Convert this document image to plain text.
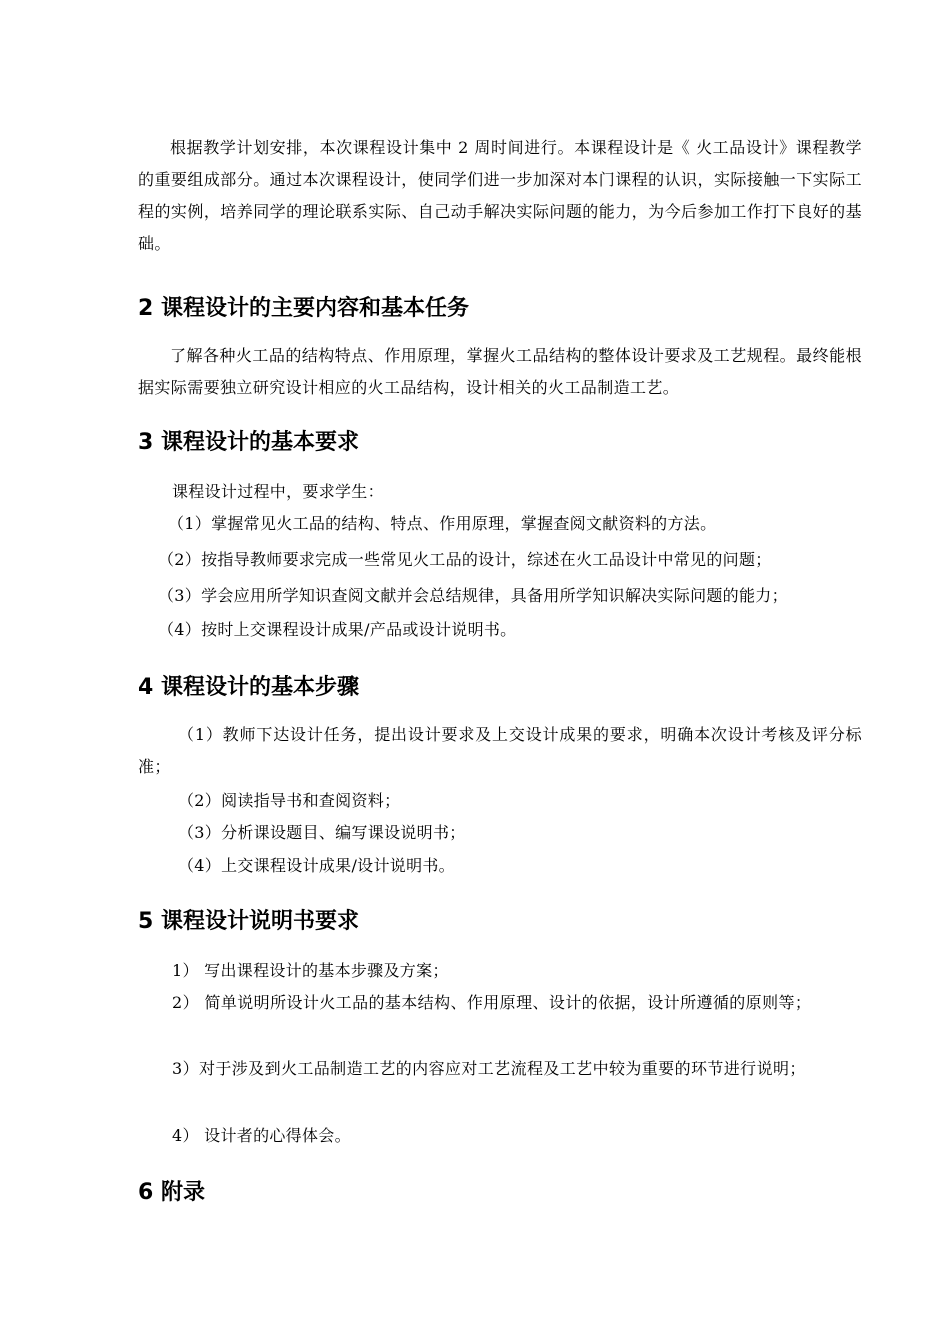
根据教学计划安排，本次课程设计集中 2 周时间进行。本课程设计是《 火工品设计》课程教学的重要组成部分。通过本次课程设计，使同学们进一步加深对本门课程的认识，实际接触一下实际工程的实例，培养同学的理论联系实际、自己动手解决实际问题的能力，为今后参加工作打下良好的基础。
2 课程设计的主要内容和基本任务
了解各种火工品的结构特点、作用原理，掌握火工品结构的整体设计要求及工艺规程。最终能根据实际需要独立研究设计相应的火工品结构，设计相关的火工品制造工艺。
3 课程设计的基本要求
课程设计过程中，要求学生：
（1）掌握常见火工品的结构、特点、作用原理，掌握查阅文献资料的方法。
（2）按指导教师要求完成一些常见火工品的设计，综述在火工品设计中常见的问题；
（3）学会应用所学知识查阅文献并会总结规律，具备用所学知识解决实际问题的能力；
（4）按时上交课程设计成果/产品或设计说明书。
4 课程设计的基本步骤
（1）教师下达设计任务，提出设计要求及上交设计成果的要求，明确本次设计考核及评分标准；
（2）阅读指导书和查阅资料；
（3）分析课设题目、编写课设说明书；
（4）上交课程设计成果/设计说明书。
5 课程设计说明书要求
1） 写出课程设计的基本步骤及方案；
2） 简单说明所设计火工品的基本结构、作用原理、设计的依据，设计所遵循的原则等；
3）对于涉及到火工品制造工艺的内容应对工艺流程及工艺中较为重要的环节进行说明；
4） 设计者的心得体会。
6 附录
